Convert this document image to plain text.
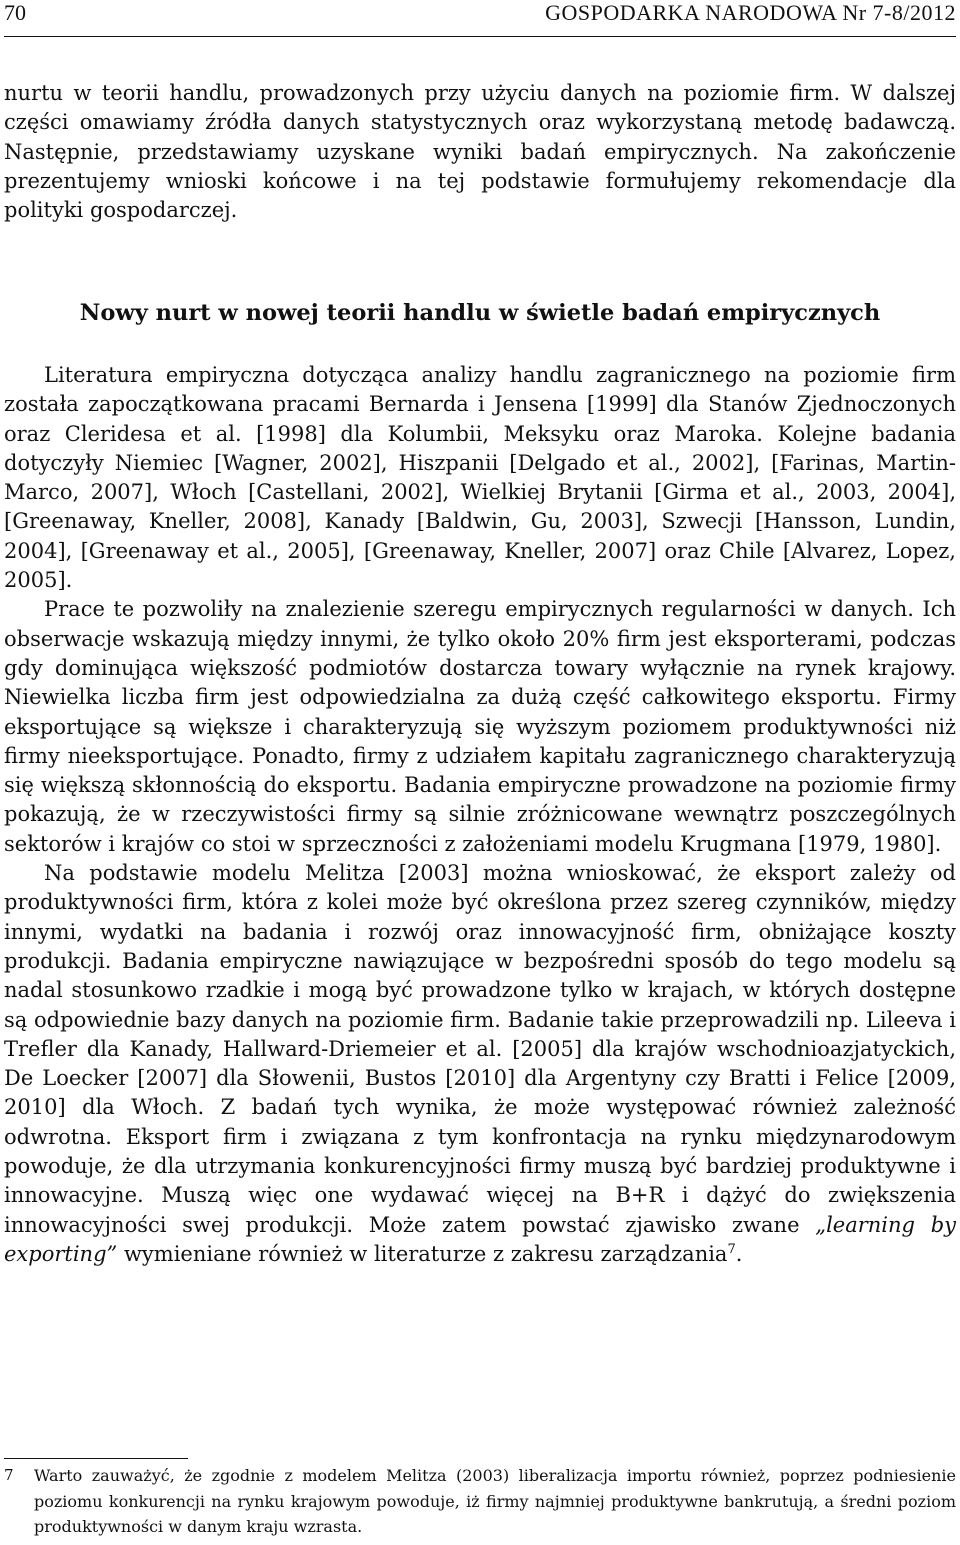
70	GOSPODARKA NARODOWA Nr 7-8/2012

nurtu w teorii handlu, prowadzonych przy użyciu danych na poziomie firm. W dalszej części omawiamy źródła danych statystycznych oraz wykorzystaną metodę badawczą. Następnie, przedstawiamy uzyskane wyniki badań empirycznych. Na zakończenie prezentujemy wnioski końcowe i na tej podstawie formułujemy rekomendacje dla polityki gospodarczej.

Nowy nurt w nowej teorii handlu w świetle badań empirycznych

Literatura empiryczna dotycząca analizy handlu zagranicznego na poziomie firm została zapoczątkowana pracami Bernarda i Jensena [1999] dla Stanów Zjednoczonych oraz Cleridesa et al. [1998] dla Kolumbii, Meksyku oraz Maroka. Kolejne badania dotyczyły Niemiec [Wagner, 2002], Hiszpanii [Delgado et al., 2002], [Farinas, Martin-Marco, 2007], Włoch [Castellani, 2002], Wielkiej Brytanii [Girma et al., 2003, 2004], [Greenaway, Kneller, 2008], Kanady [Baldwin, Gu, 2003], Szwecji [Hansson, Lundin, 2004], [Greenaway et al., 2005], [Greenaway, Kneller, 2007] oraz Chile [Alvarez, Lopez, 2005].

Prace te pozwoliły na znalezienie szeregu empirycznych regularności w danych. Ich obserwacje wskazują między innymi, że tylko około 20% firm jest eksporterami, podczas gdy dominująca większość podmiotów dostarcza towary wyłącznie na rynek krajowy. Niewielka liczba firm jest odpowiedzialna za dużą część całkowitego eksportu. Firmy eksportujące są większe i charakteryzują się wyższym poziomem produktywności niż firmy nieeksportujące. Ponadto, firmy z udziałem kapitału zagranicznego charakteryzują się większą skłonnością do eksportu. Badania empiryczne prowadzone na poziomie firmy pokazują, że w rzeczywistości firmy są silnie zróżnicowane wewnątrz poszczególnych sektorów i krajów co stoi w sprzeczności z założeniami modelu Krugmana [1979, 1980].

Na podstawie modelu Melitza [2003] można wnioskować, że eksport zależy od produktywności firm, która z kolei może być określona przez szereg czynników, między innymi, wydatki na badania i rozwój oraz innowacyjność firm, obniżające koszty produkcji. Badania empiryczne nawiązujące w bezpośredni sposób do tego modelu są nadal stosunkowo rzadkie i mogą być prowadzone tylko w krajach, w których dostępne są odpowiednie bazy danych na poziomie firm. Badanie takie przeprowadzili np. Lileeva i Trefler dla Kanady, Hallward-Driemeier et al. [2005] dla krajów wschodnioazjatyckich, De Loecker [2007] dla Słowenii, Bustos [2010] dla Argentyny czy Bratti i Felice [2009, 2010] dla Włoch. Z badań tych wynika, że może występować również zależność odwrotna. Eksport firm i związana z tym konfrontacja na rynku międzynarodowym powoduje, że dla utrzymania konkurencyjności firmy muszą być bardziej produktywne i innowacyjne. Muszą więc one wydawać więcej na B+R i dążyć do zwiększenia innowacyjności swej produkcji. Może zatem powstać zjawisko zwane „learning by exporting” wymieniane również w literaturze z zakresu zarządzania$^7$.

7 Warto zauważyć, że zgodnie z modelem Melitza (2003) liberalizacja importu również, poprzez podniesienie poziomu konkurencji na rynku krajowym powoduje, iż firmy najmniej produktywne bankrutują, a średni poziom produktywności w danym kraju wzrasta.
